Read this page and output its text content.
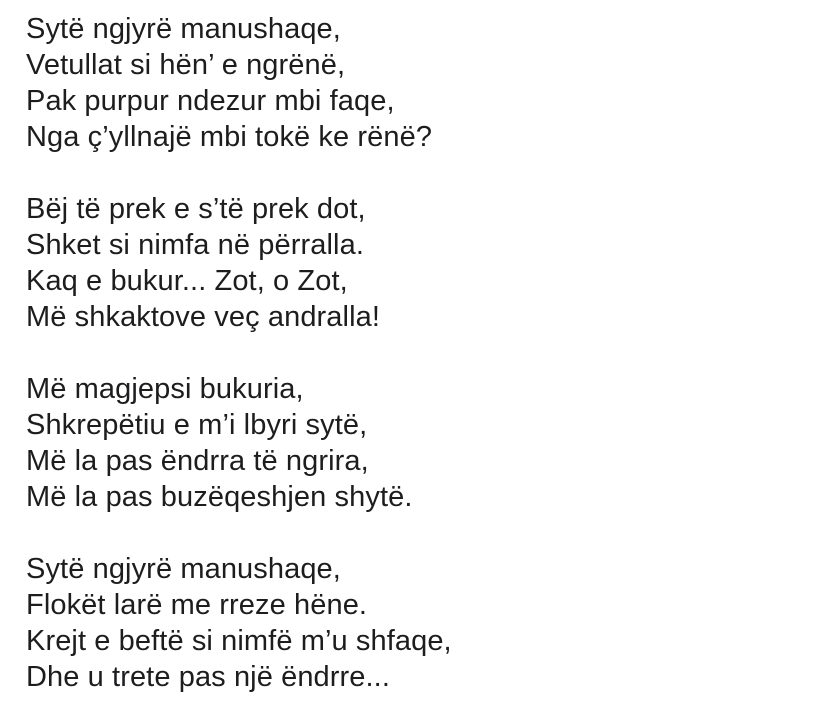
Sytë ngjyrë manushaqe,

Vetullat si hën’ e ngrënë,

Pak purpur ndezur mbi faqe,

Nga ç’yllnajë mbi tokë ke rënë?

Bëj të prek e s’të prek dot,

Shket si nimfa në përralla.

Kaq e bukur... Zot, o Zot,

Më shkaktove veç andralla!

Më magjepsi bukuria,

Shkrepëtiu e m’i lbyri sytë,

Më la pas ëndrra të ngrira,

Më la pas buzëqeshjen shytë.

Sytë ngjyrë manushaqe,

Flokët larë me rreze hëne.

Krejt e beftë si nimfë m’u shfaqe,

Dhe u trete pas një ëndrre...
